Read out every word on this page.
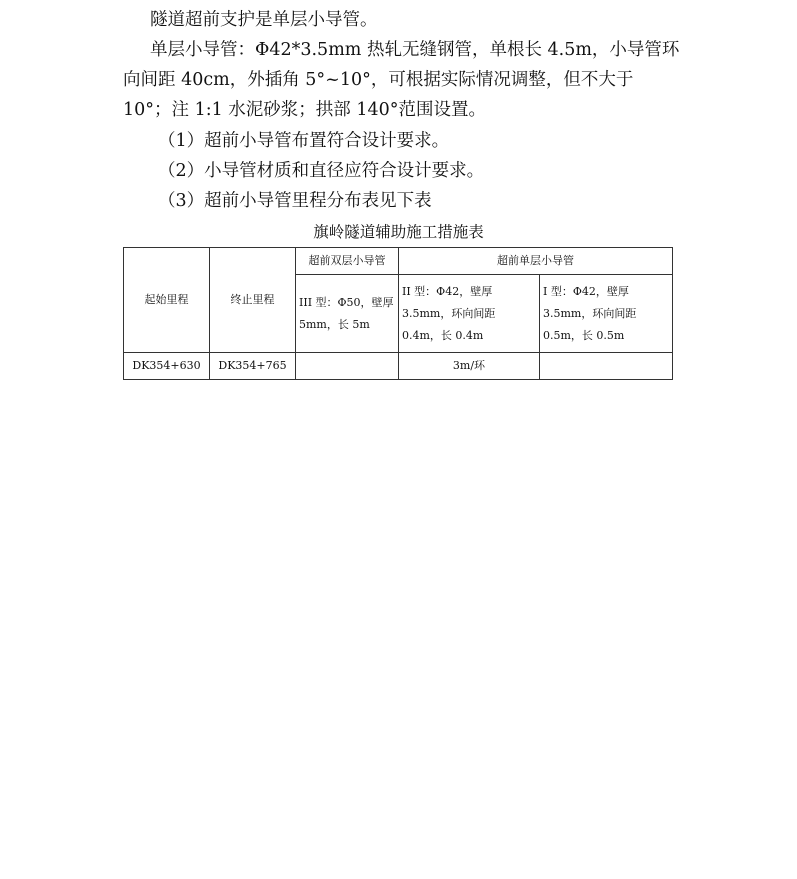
隧道超前支护是单层小导管。

单层小导管：Φ42*3.5mm 热轧无缝钢管，单根长 4.5m，小导管环向间距 40cm，外插角 5°~10°，可根据实际情况调整，但不大于 10°；注 1:1 水泥砂浆；拱部 140°范围设置。

（1）超前小导管布置符合设计要求。

（2）小导管材质和直径应符合设计要求。

（3）超前小导管里程分布表见下表

旗岭隧道辅助施工措施表
起始里程	终止里程	超前双层小导管	超前单层小导管	
		III 型：Φ50，壁厚 5mm，长 5m	II 型：Φ42，壁厚 3.5mm，环向间距 0.4m，长 0.4m	I 型：Φ42，壁厚 3.5mm，环向间距 0.5m，长 0.5m
DK354+630	DK354+765		3m/环	
